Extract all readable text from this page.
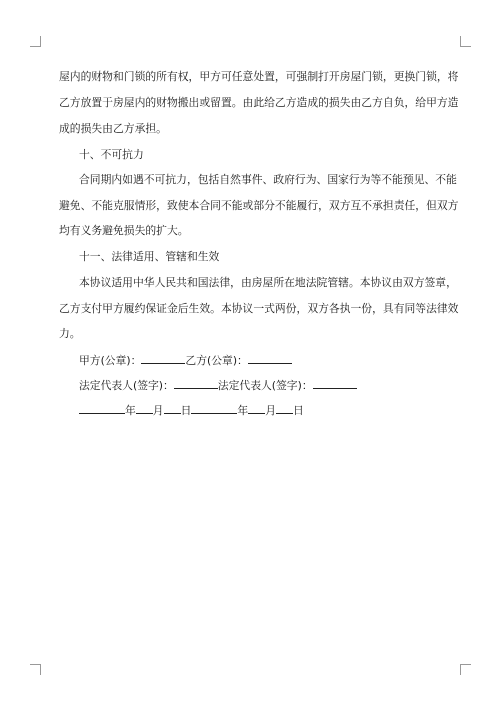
屋内的财物和门锁的所有权，甲方可任意处置，可强制打开房屋门锁，更换门锁，将
乙方放置于房屋内的财物搬出或留置。由此给乙方造成的损失由乙方自负，给甲方造
成的损失由乙方承担。
十、不可抗力
合同期内如遇不可抗力，包括自然事件、政府行为、国家行为等不能预见、不能
避免、不能克服情形，致使本合同不能或部分不能履行，双方互不承担责任，但双方
均有义务避免损失的扩大。
十一、法律适用、管辖和生效
本协议适用中华人民共和国法律，由房屋所在地法院管辖。本协议由双方签章，
乙方支付甲方履约保证金后生效。本协议一式两份，双方各执一份，具有同等法律效
力。
甲方(公章)：	乙方(公章)：
法定代表人(签字)：	法定代表人(签字)：
年 月 日	年 月 日
